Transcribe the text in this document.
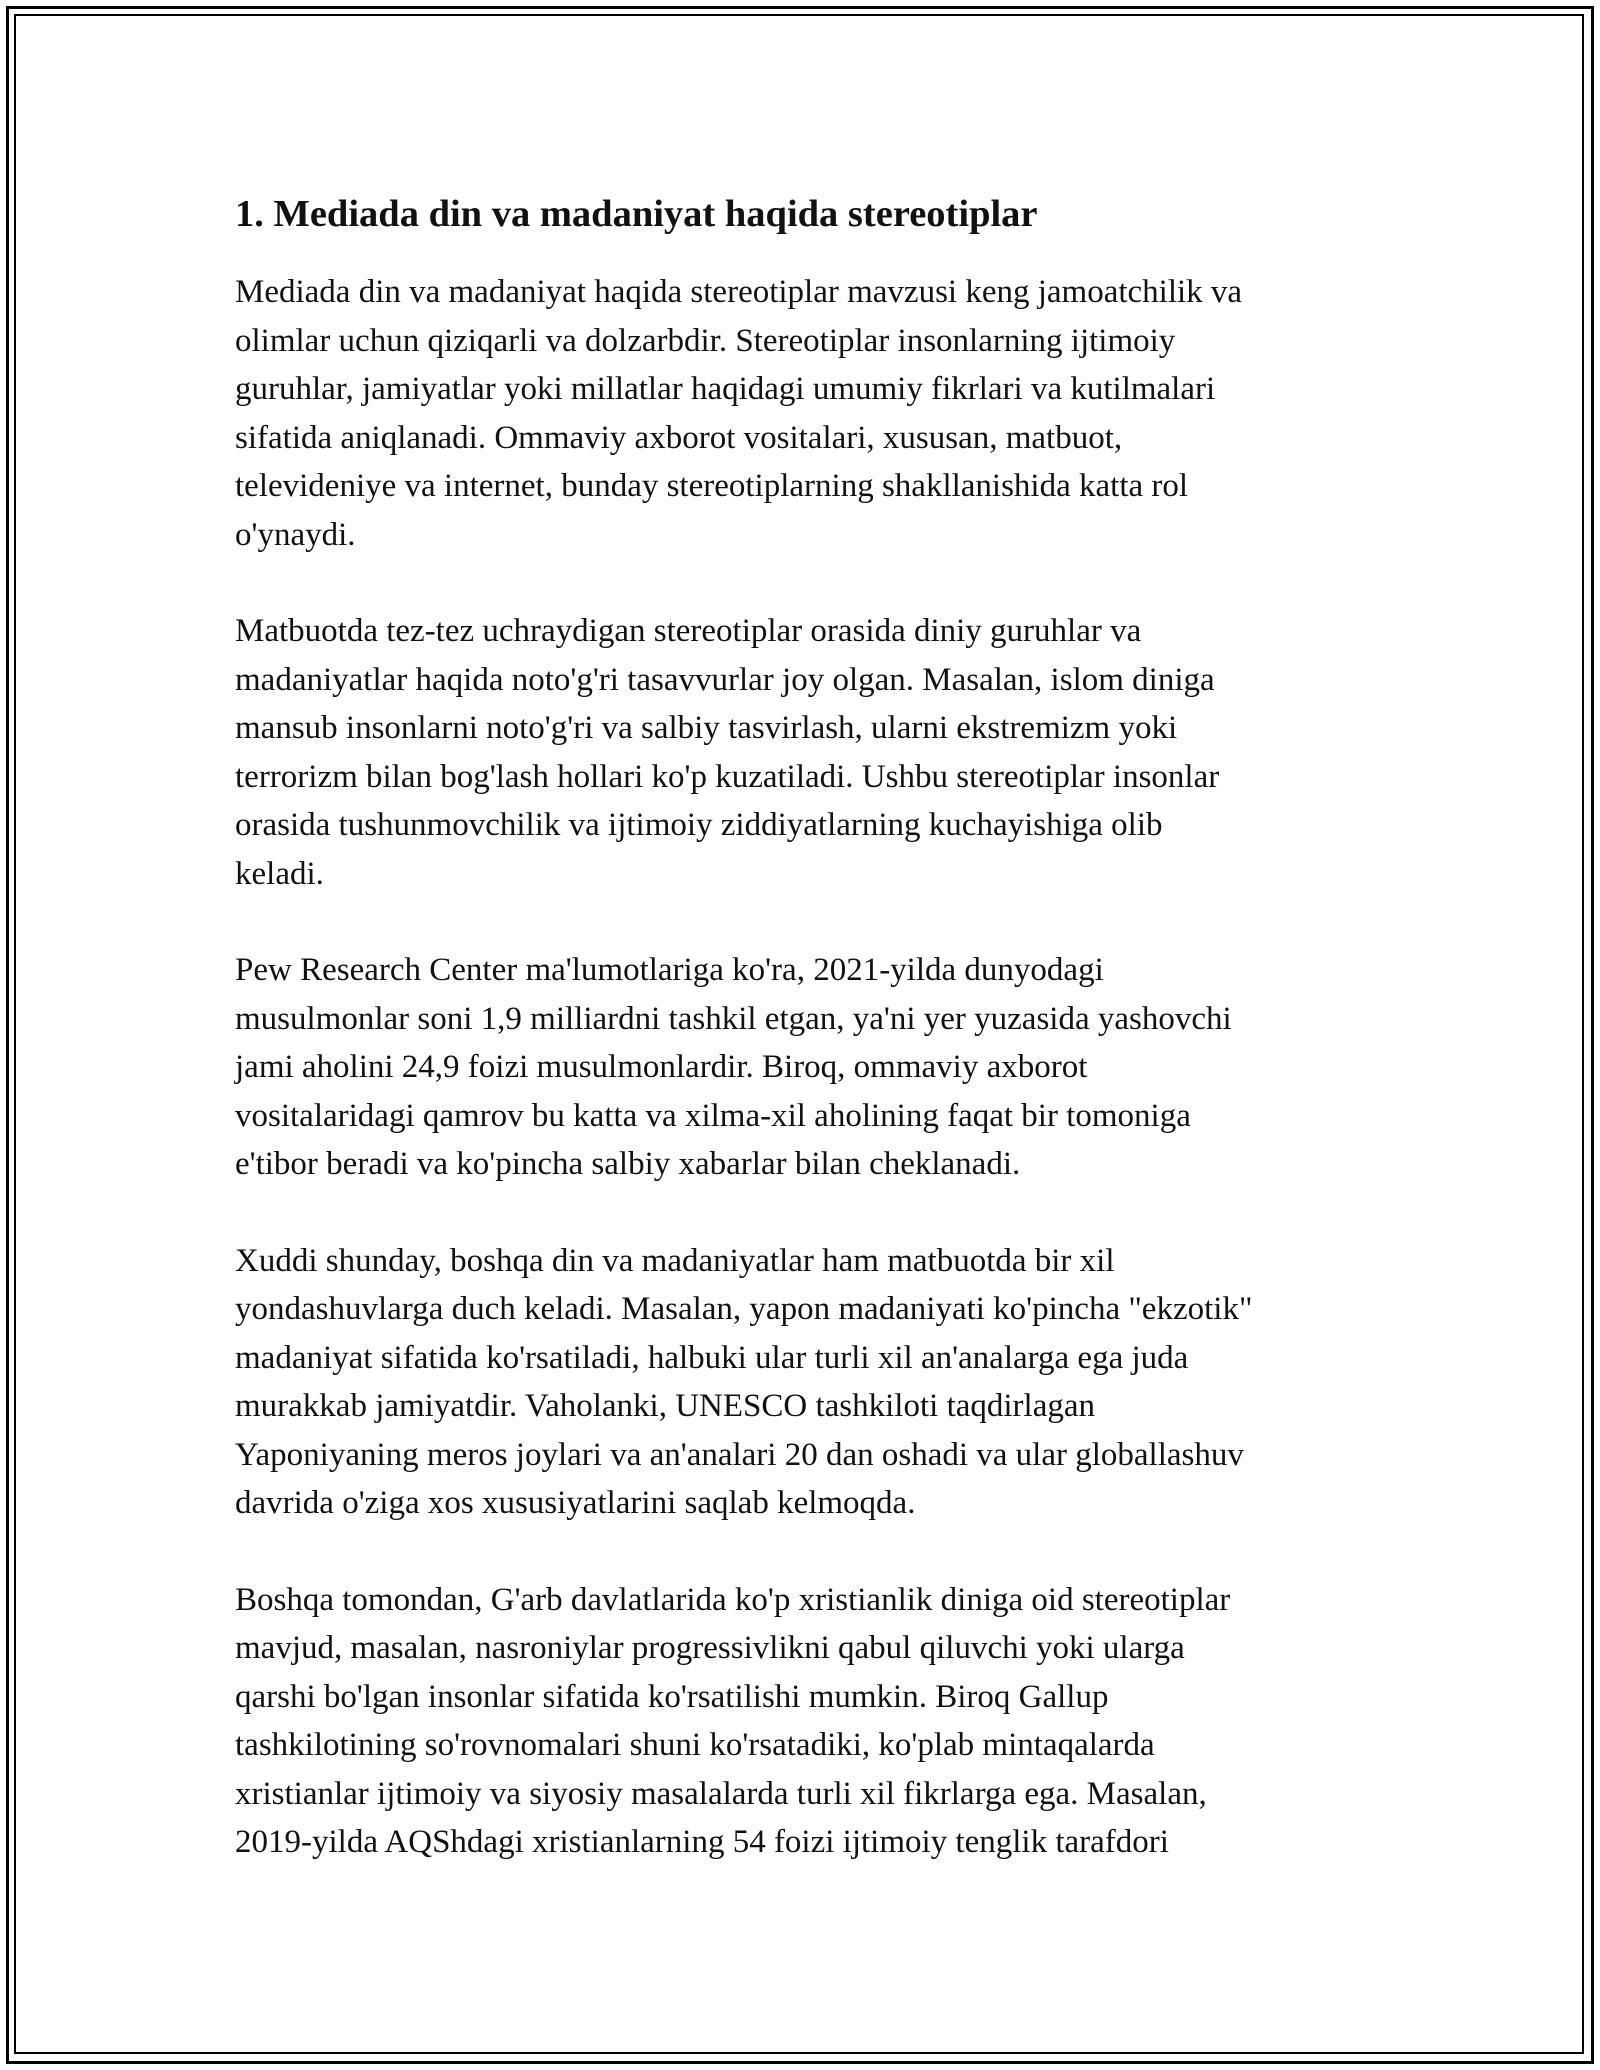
1. Mediada din va madaniyat haqida stereotiplar
Mediada din va madaniyat haqida stereotiplar mavzusi keng jamoatchilik va
olimlar uchun qiziqarli va dolzarbdir. Stereotiplar insonlarning ijtimoiy
guruhlar, jamiyatlar yoki millatlar haqidagi umumiy fikrlari va kutilmalari
sifatida aniqlanadi. Ommaviy axborot vositalari, xususan, matbuot,
televideniye va internet, bunday stereotiplarning shakllanishida katta rol
o'ynaydi.
Matbuotda tez-tez uchraydigan stereotiplar orasida diniy guruhlar va
madaniyatlar haqida noto'g'ri tasavvurlar joy olgan. Masalan, islom diniga
mansub insonlarni noto'g'ri va salbiy tasvirlash, ularni ekstremizm yoki
terrorizm bilan bog'lash hollari ko'p kuzatiladi. Ushbu stereotiplar insonlar
orasida tushunmovchilik va ijtimoiy ziddiyatlarning kuchayishiga olib
keladi.
Pew Research Center ma'lumotlariga ko'ra, 2021-yilda dunyodagi
musulmonlar soni 1,9 milliardni tashkil etgan, ya'ni yer yuzasida yashovchi
jami aholini 24,9 foizi musulmonlardir. Biroq, ommaviy axborot
vositalaridagi qamrov bu katta va xilma-xil aholining faqat bir tomoniga
e'tibor beradi va ko'pincha salbiy xabarlar bilan cheklanadi.
Xuddi shunday, boshqa din va madaniyatlar ham matbuotda bir xil
yondashuvlarga duch keladi. Masalan, yapon madaniyati ko'pincha "ekzotik"
madaniyat sifatida ko'rsatiladi, halbuki ular turli xil an'analarga ega juda
murakkab jamiyatdir. Vaholanki, UNESCO tashkiloti taqdirlagan
Yaponiyaning meros joylari va an'analari 20 dan oshadi va ular globallashuv
davrida o'ziga xos xususiyatlarini saqlab kelmoqda.
Boshqa tomondan, G'arb davlatlarida ko'p xristianlik diniga oid stereotiplar
mavjud, masalan, nasroniylar progressivlikni qabul qiluvchi yoki ularga
qarshi bo'lgan insonlar sifatida ko'rsatilishi mumkin. Biroq Gallup
tashkilotining so'rovnomalari shuni ko'rsatadiki, ko'plab mintaqalarda
xristianlar ijtimoiy va siyosiy masalalarda turli xil fikrlarga ega. Masalan,
2019-yilda AQShdagi xristianlarning 54 foizi ijtimoiy tenglik tarafdori
